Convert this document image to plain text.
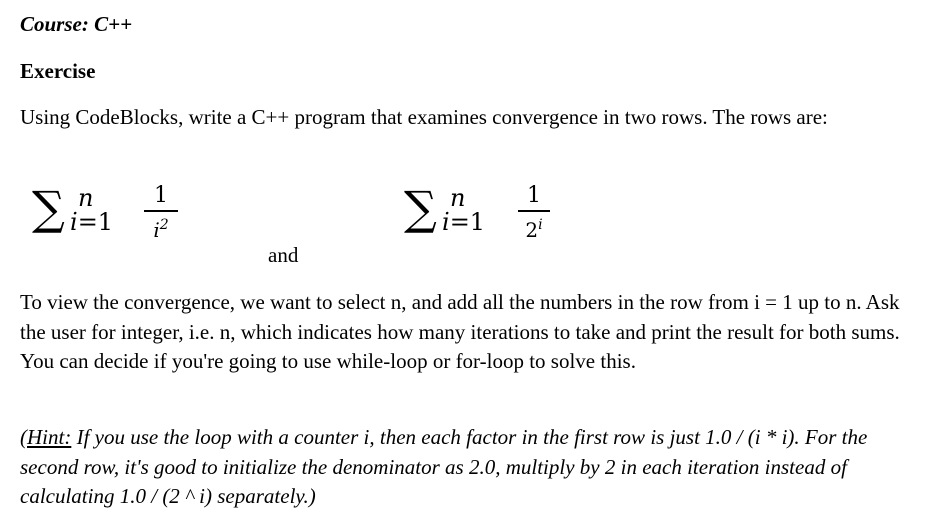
Course: C++
Exercise
Using CodeBlocks, write a C++ program that examines convergence in two rows. The rows are:
∑ n
i=1
1
$i^2$
and
∑ n
i=1
1
2$^i$
To view the convergence, we want to select n, and add all the numbers in the row from i = 1 up to n. Ask the user for integer, i.e. n, which indicates how many iterations to take and print the result for both sums. You can decide if you're going to use while-loop or for-loop to solve this.
(Hint: If you use the loop with a counter i, then each factor in the first row is just 1.0 / (i * i). For the second row, it's good to initialize the denominator as 2.0, multiply by 2 in each iteration instead of calculating 1.0 / (2 ^ i) separately.)
